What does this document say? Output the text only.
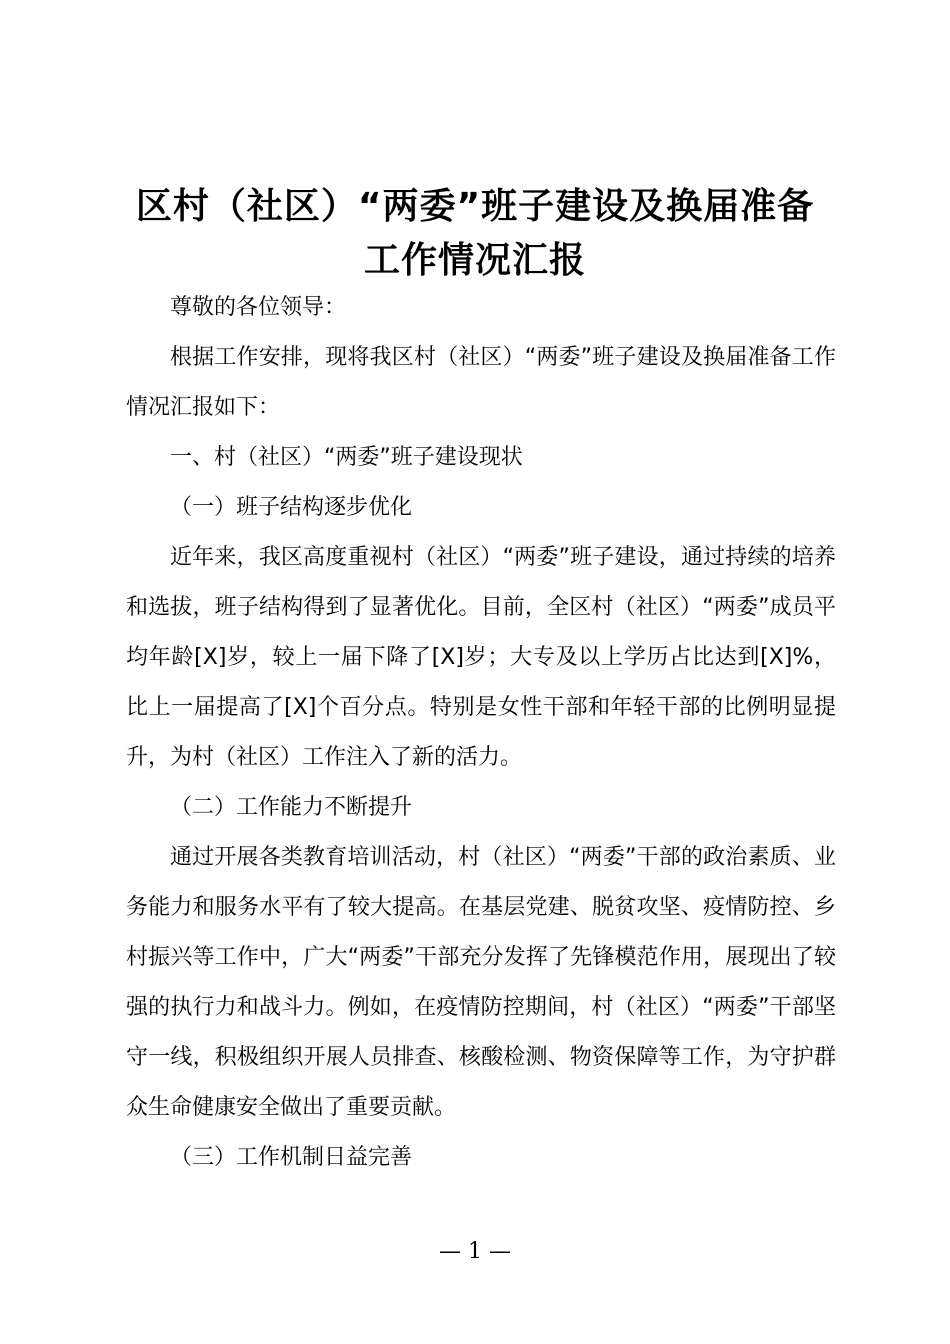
区村（社区）“两委”班子建设及换届准备工作情况汇报

尊敬的各位领导：

根据工作安排，现将我区村（社区）“两委”班子建设及换届准备工作情况汇报如下：

一、村（社区）“两委”班子建设现状

（一）班子结构逐步优化

近年来，我区高度重视村（社区）“两委”班子建设，通过持续的培养和选拔，班子结构得到了显著优化。目前，全区村（社区）“两委”成员平均年龄[X]岁，较上一届下降了[X]岁；大专及以上学历占比达到[X]%，比上一届提高了[X]个百分点。特别是女性干部和年轻干部的比例明显提升，为村（社区）工作注入了新的活力。

（二）工作能力不断提升

通过开展各类教育培训活动，村（社区）“两委”干部的政治素质、业务能力和服务水平有了较大提高。在基层党建、脱贫攻坚、疫情防控、乡村振兴等工作中，广大“两委”干部充分发挥了先锋模范作用，展现出了较强的执行力和战斗力。例如，在疫情防控期间，村（社区）“两委”干部坚守一线，积极组织开展人员排查、核酸检测、物资保障等工作，为守护群众生命健康安全做出了重要贡献。

（三）工作机制日益完善

— 1 —
